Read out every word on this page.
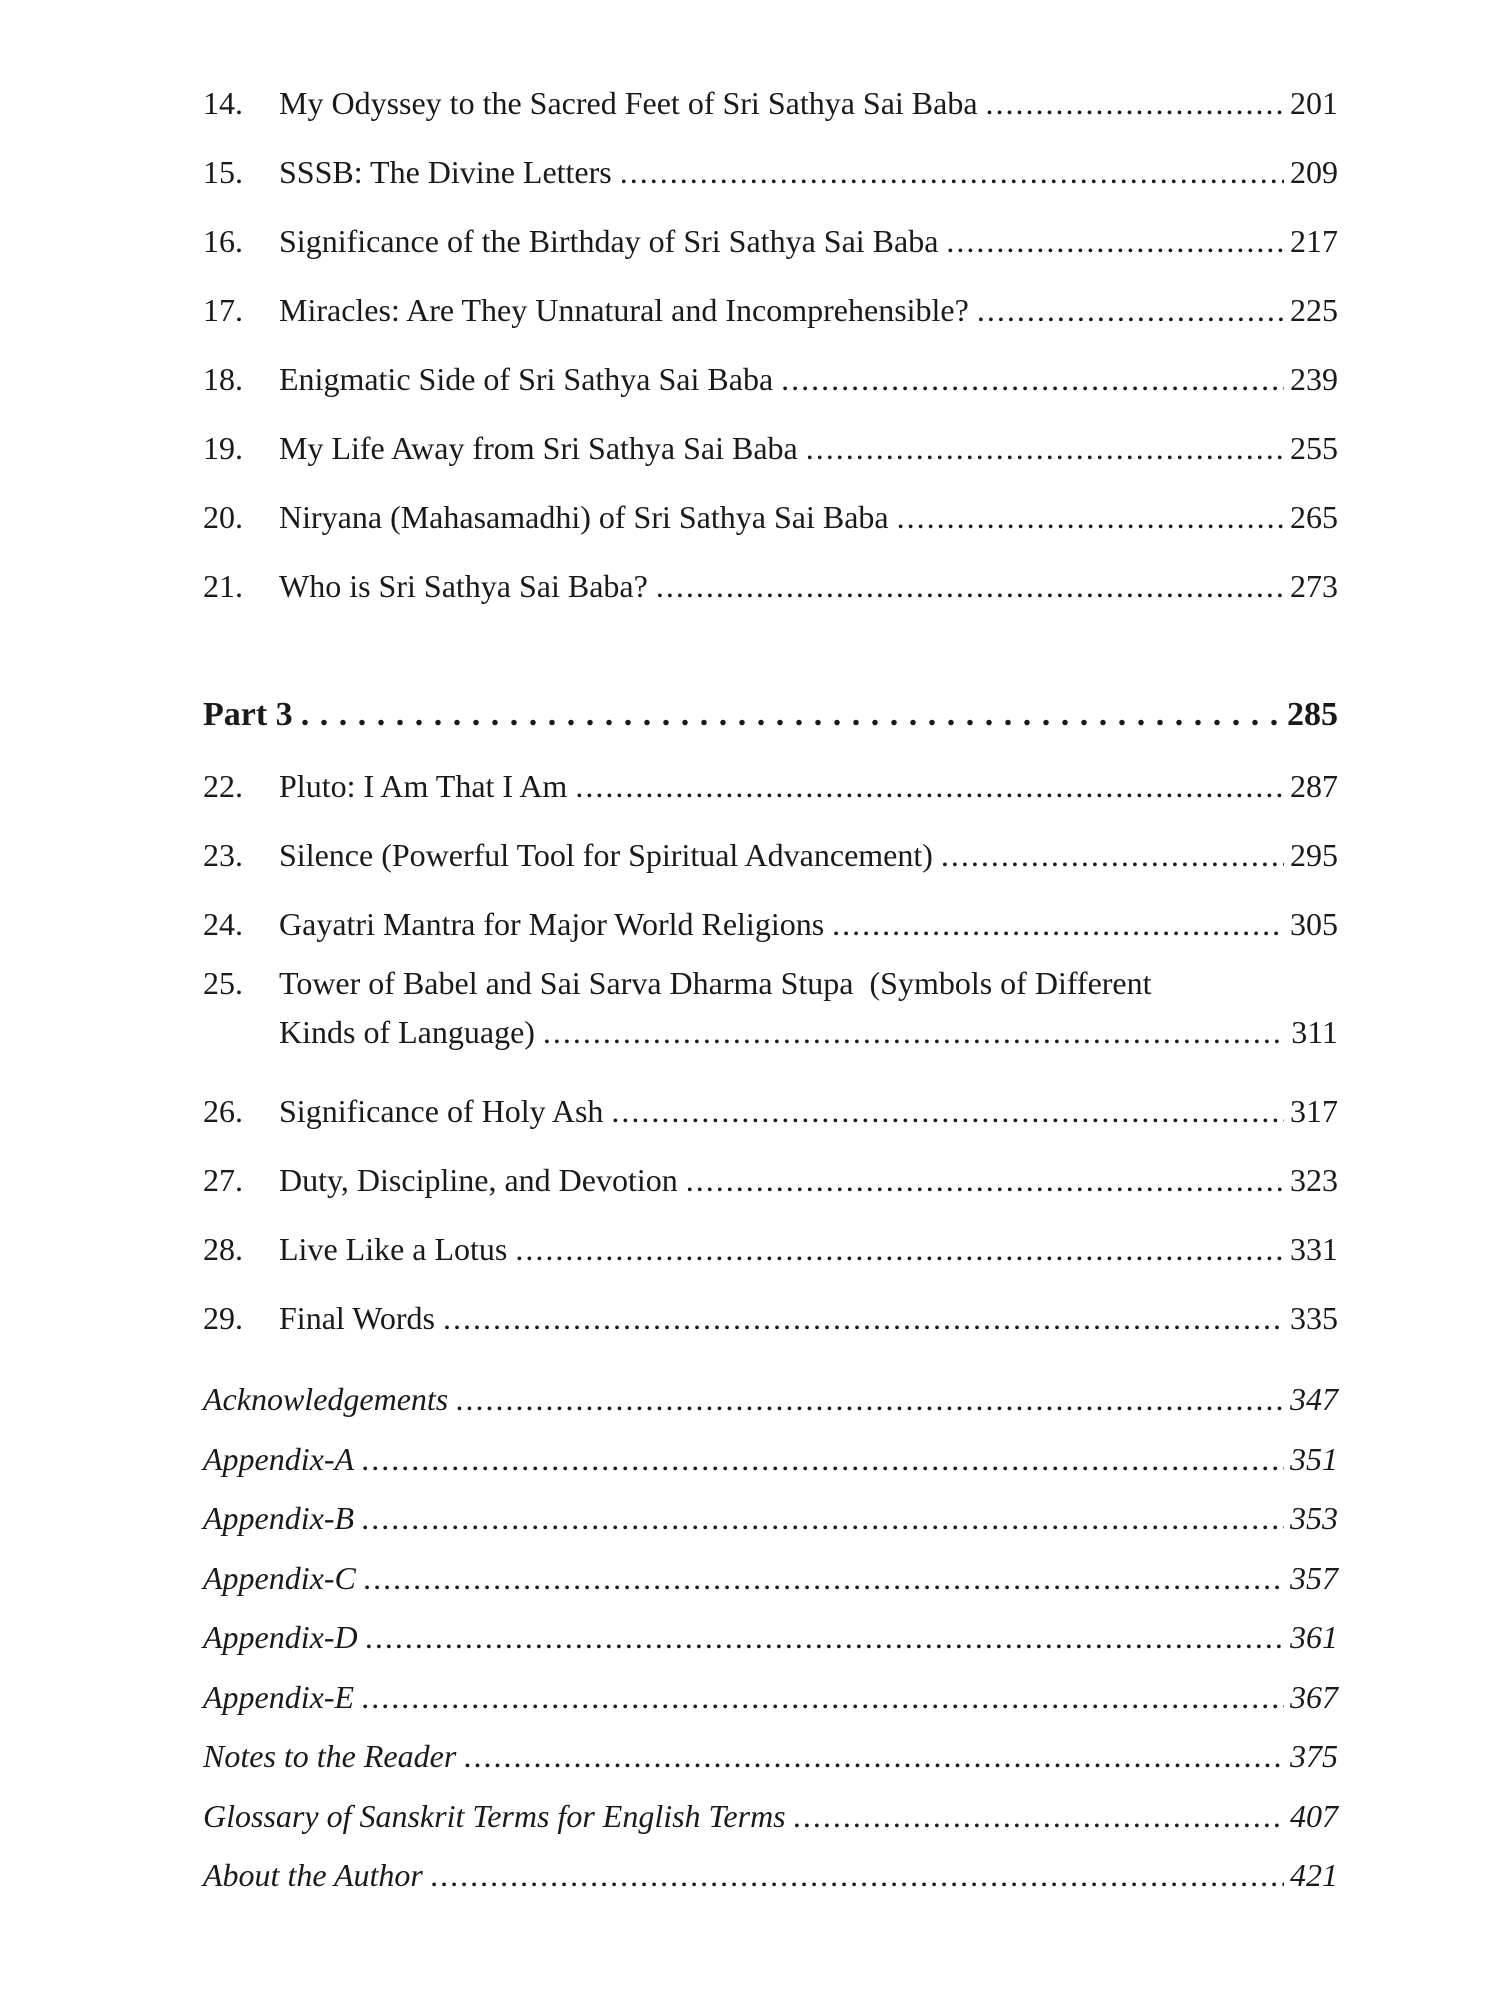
14.	My Odyssey to the Sacred Feet of Sri Sathya Sai Baba . . .	201
15.	SSSB: The Divine Letters . . .	209
16.	Significance of the Birthday of Sri Sathya Sai Baba . . .	217
17.	Miracles: Are They Unnatural and Incomprehensible? . . .	225
18.	Enigmatic Side of Sri Sathya Sai Baba . . .	239
19.	My Life Away from Sri Sathya Sai Baba . . .	255
20.	Niryana (Mahasamadhi) of Sri Sathya Sai Baba . . .	265
21.	Who is Sri Sathya Sai Baba? . . .	273
Part 3 . . .	285
22.	Pluto: I Am That I Am . . .	287
23.	Silence (Powerful Tool for Spiritual Advancement) . . .	295
24.	Gayatri Mantra for Major World Religions . . .	305
25.	Tower of Babel and Sai Sarva Dharma Stupa  (Symbols of Different
Kinds of Language) . . .	311
26.	Significance of Holy Ash . . .	317
27.	Duty, Discipline, and Devotion . . .	323
28.	Live Like a Lotus . . .	331
29.	Final Words . . .	335
Acknowledgements . . .	347
Appendix-A . . .	351
Appendix-B . . .	353
Appendix-C . . .	357
Appendix-D . . .	361
Appendix-E . . .	367
Notes to the Reader . . .	375
Glossary of Sanskrit Terms for English Terms . . .	407
About the Author . . .	421
